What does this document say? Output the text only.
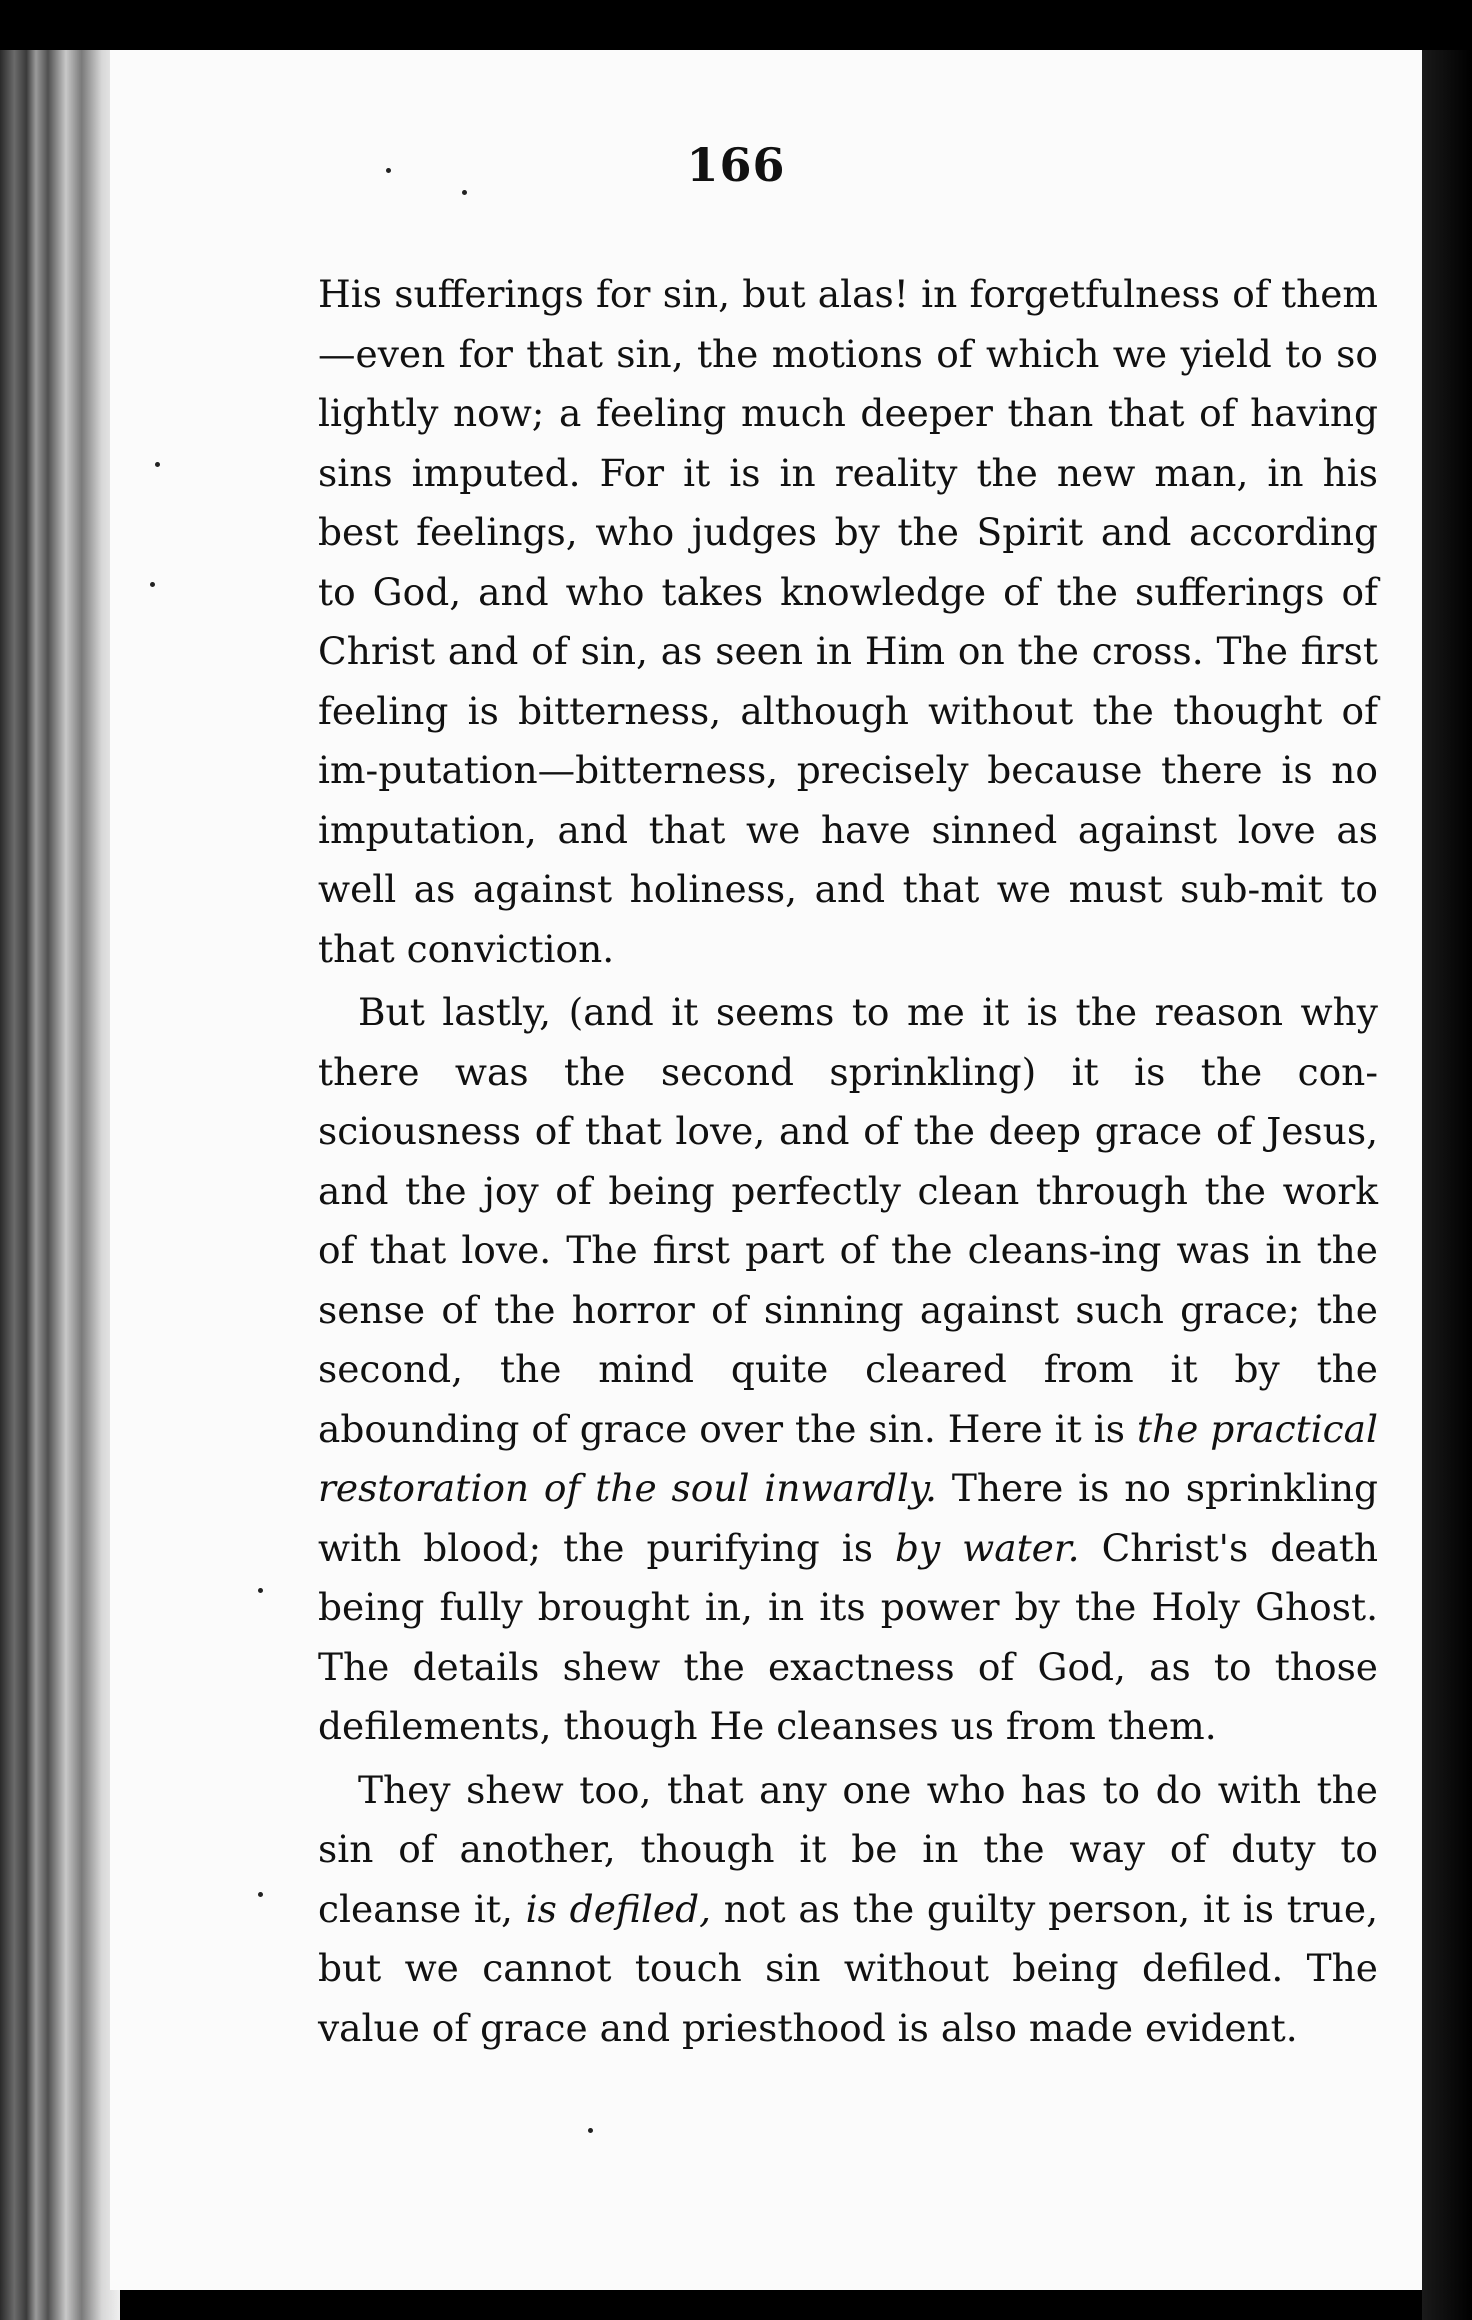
166

His sufferings for sin, but alas! in forgetfulness of them—even for that sin, the motions of which we yield to so lightly now; a feeling much deeper than that of having sins imputed. For it is in reality the new man, in his best feelings, who judges by the Spirit and according to God, and who takes knowledge of the sufferings of Christ and of sin, as seen in Him on the cross. The first feeling is bitterness, although without the thought of im-putation—bitterness, precisely because there is no imputation, and that we have sinned against love as well as against holiness, and that we must sub-mit to that conviction.

But lastly, (and it seems to me it is the reason why there was the second sprinkling) it is the con-sciousness of that love, and of the deep grace of Jesus, and the joy of being perfectly clean through the work of that love. The first part of the cleans-ing was in the sense of the horror of sinning against such grace; the second, the mind quite cleared from it by the abounding of grace over the sin. Here it is the practical restoration of the soul inwardly. There is no sprinkling with blood; the purifying is by water. Christ's death being fully brought in, in its power by the Holy Ghost. The details shew the exactness of God, as to those defilements, though He cleanses us from them.

They shew too, that any one who has to do with the sin of another, though it be in the way of duty to cleanse it, is defiled, not as the guilty person, it is true, but we cannot touch sin without being defiled. The value of grace and priesthood is also made evident.
